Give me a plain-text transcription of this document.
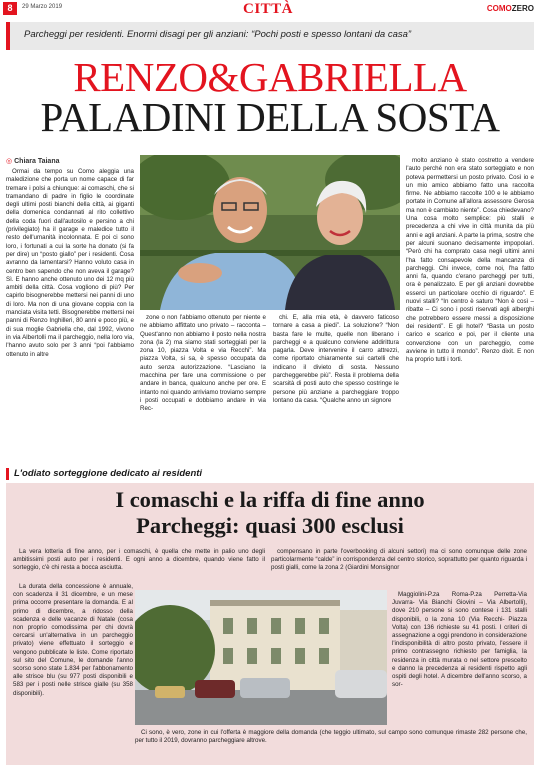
8	29 Marzo 2019	CITTÀ	COMOZERO
Parcheggi per residenti. Enormi disagi per gli anziani: “Pochi posti e spesso lontani da casa”
RENZO&GABRIELLA
PALADINI DELLA SOSTA
◎ Chiara Taiana

Ormai da tempo su Como aleggia una maledizione che porta un nome capace di far tremare i polsi a chiunque: ai comaschi, che si tramandano di padre in figlio le coordinate degli ultimi posti bianchi della città, ai giganti della domenica condannati al rito collettivo della coda fuori dall'autosilo e persino a chi (privilegiato) ha il garage e maledice tutto il resto dell'umanità incolonnata. E poi ci sono loro, i fortunati a cui la sorte ha donato (si fa per dire) un “posto giallo” per i residenti. Cosa avranno da lamentarsi? Hanno voluto casa in centro ben sapendo che non aveva il garage? Sì. E hanno anche ottenuto uno dei 12 mq più ambiti della città. Cosa vogliono di più? Per capirlo bisognerebbe mettersi nei panni di uno di loro. Ma non di una giovane coppia con la manciata visita tetti. Bisognerebbe mettersi nei panni di Renzo Inghilleri, 80 anni e poco più, e di sua moglie Gabriella che, dal 1992, vivono in via Albertolli ma il parcheggio, nella loro via, l'hanno avuto solo per 3 anni “poi l'abbiamo ottenuto in altre

zone o non l'abbiamo ottenuto per niente e ne abbiamo affittato uno privato – racconta – Quest'anno non abbiamo il posto nella nostra zona (la 2) ma siamo stati sorteggiati per la zona 10, piazza Volta e via Recchi”. Ma piazza Volta, si sa, è spesso occupata da auto senza autorizzazione. “Lasciano la macchina per fare una commissione o per andare in banca, qualcuno anche per ore. E intanto noi quando arriviamo troviamo sempre i posti occupati e dobbiamo andare in via Rec-

chi. E, alla mia età, è davvero faticoso tornare a casa a piedi”. La soluzione? “Non basta fare le multe, quelle non liberano i parcheggi e a qualcuno conviene addirittura pagarla. Deve intervenire il carro attrezzi, come riportato chiaramente sui cartelli che indicano il divieto di sosta. Nessuno parcheggerebbe più”. Resta il problema della scarsità di posti auto che spesso costringe le persone più anziane a parcheggiare troppo lontano da casa. “Qualche anno un signore

molto anziano è stato costretto a vendere l'auto perché non era stato sorteggiato e non poteva permettersi un posto privato. Così io e un mio amico abbiamo fatto una raccolta firme. Ne abbiamo raccolte 100 e le abbiamo portate in Comune all'allora assessore Gerosa ma non è cambiato niente”. Cosa chiedevano? Una cosa molto semplice: più stalli e precedenza a chi vive in città munita da più anni e agli anziani. A parte la prima, sostre che per alcuni suonano decisamente impopolari. “Però chi ha comprato casa negli ultimi anni l'ha fatto consapevole della mancanza di parcheggi. Chi invece, come noi, l'ha fatto anni fa, quando c'erano parcheggi per tutti, ora è penalizzato. E per gli anziani dovrebbe esserci un particolare occhio di riguardo”. E nuovi stalli? “In centro è saturo “Non è così – ribatte – Ci sono i posti riservati agli alberghi che potrebbero essere messi a disposizione dei residenti”. E gli hotel? “Basta un posto carico e scarico e poi, per il cliente una convenzione con un parcheggio, come avviene in tutto il mondo”. Renzo dixit. E non ha proprio tutti i torti.

L'odiato sorteggione dedicato ai residenti
I comaschi e la riffa di fine anno
Parcheggi: quasi 300 esclusi

La vera lotteria di fine anno, per i comaschi, è quella che mette in palio uno degli ambitissimi posti auto per i residenti. E ogni anno a dicembre, quando viene fatto il sorteggio, c'è chi resta a bocca asciutta.

La durata della concessione è annuale, con scadenza il 31 dicembre, e un mese prima occorre presentare la domanda. E al primo di dicembre, a ridosso della scadenza e delle vacanze di Natale (cosa non proprio comodissima per chi dovrà cercarsi un'alternativa in un parcheggio privato) viene effettuato il sorteggio e vengono pubblicate le liste. Come riportato sul sito del Comune, le domande l'anno scorso sono state 1.834 per l'abbonamento alle strisce blu (su 977 posti disponibili e 583 per i posti nelle strisce gialle (su 358 disponibili).

compensano in parte l'overbooking di alcuni settori) ma ci sono comunque delle zone particolarmente “calde” in corrispondenza del centro storico, soprattutto per quanto riguarda i posti gialli, come la zona 2 (Giardini Monsignor

Maggiolini-P.za Roma-P.za Perretta-Via Juvarra- Via Bianchi Giovini – Via Albertolli), dove 210 persone si sono contese i 131 stalli disponibili, o la zona 10 (Via Recchi- Piazza Volta) con 136 richieste su 41 posti. I criteri di assegnazione a oggi prendono in considerazione l'indisponibilità di altro posto privato, l'essere il primo contrassegno richiesto per famiglia, la residenza in città murata o nel settore prescelto e danno la precedenza ai residenti rispetto agli ospiti degli hotel. A dicembre dell'anno scorso, a sor-

Ci sono, è vero, zone in cui l'offerta è maggiore della domanda (che teggio ultimato, sul campo sono comunque rimaste 282 persone che, per tutto il 2019, dovranno parcheggiare altrove.
